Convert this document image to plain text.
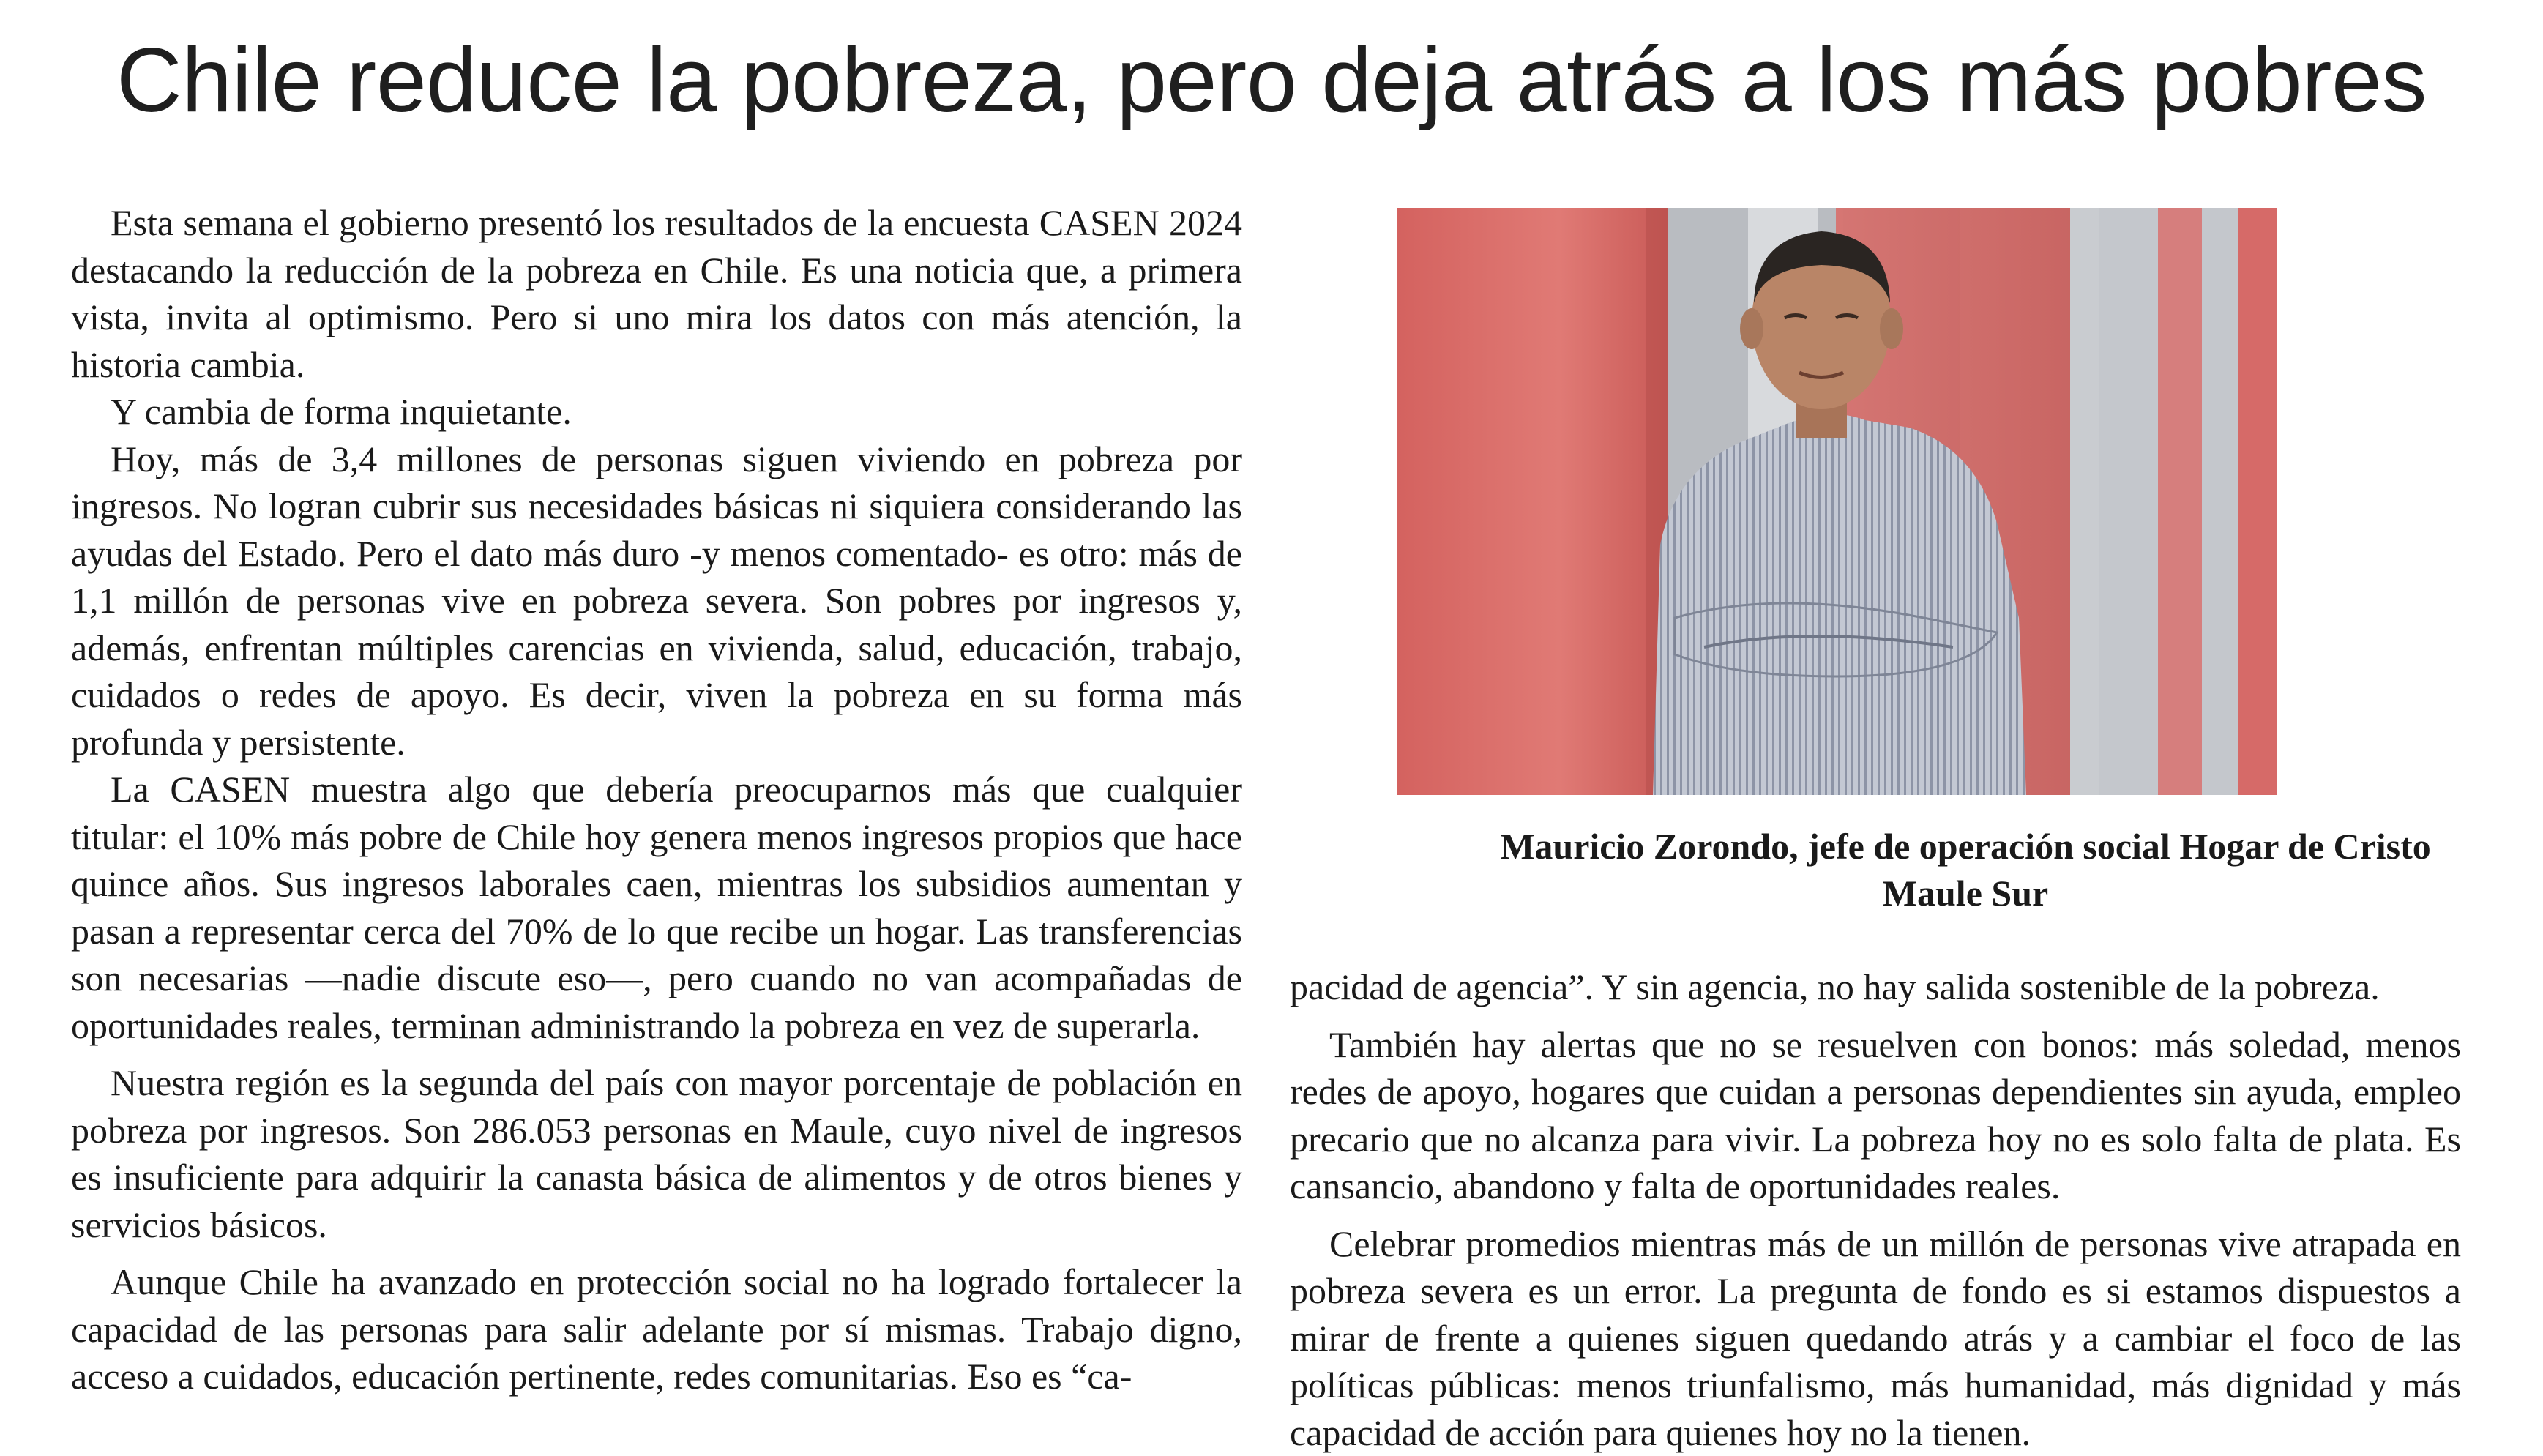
Chile reduce la pobreza, pero deja atrás a los más pobres

Esta semana el gobierno presentó los resultados de la encuesta CASEN 2024 destacando la reducción de la pobreza en Chile. Es una noticia que, a primera vista, invita al optimismo. Pero si uno mira los datos con más atención, la historia cambia.

Y cambia de forma inquietante.

Hoy, más de 3,4 millones de personas siguen viviendo en pobreza por ingresos. No logran cubrir sus necesidades básicas ni siquiera considerando las ayudas del Estado. Pero el dato más duro -y menos comentado- es otro: más de 1,1 millón de personas vive en pobreza severa. Son pobres por ingresos y, además, enfrentan múltiples carencias en vivienda, salud, educación, trabajo, cuidados o redes de apoyo. Es decir, viven la pobreza en su forma más profunda y persistente.

La CASEN muestra algo que debería preocuparnos más que cualquier titular: el 10% más pobre de Chile hoy genera menos ingresos propios que hace quince años. Sus ingresos laborales caen, mientras los subsidios aumentan y pasan a representar cerca del 70% de lo que recibe un hogar. Las transferencias son necesarias —nadie discute eso—, pero cuando no van acompañadas de oportunidades reales, terminan administrando la pobreza en vez de superarla.

Nuestra región es la segunda del país con mayor porcentaje de población en pobreza por ingresos. Son 286.053 personas en Maule, cuyo nivel de ingresos es insuficiente para adquirir la canasta básica de alimentos y de otros bienes y servicios básicos.

Aunque Chile ha avanzado en protección social no ha logrado fortalecer la capacidad de las personas para salir adelante por sí mismas. Trabajo digno, acceso a cuidados, educación pertinente, redes comunitarias. Eso es “ca-

Mauricio Zorondo, jefe de operación social Hogar de Cristo
Maule Sur

pacidad de agencia”. Y sin agencia, no hay salida sostenible de la pobreza.

También hay alertas que no se resuelven con bonos: más soledad, menos redes de apoyo, hogares que cuidan a personas dependientes sin ayuda, empleo precario que no alcanza para vivir. La pobreza hoy no es solo falta de plata. Es cansancio, abandono y falta de oportunidades reales.

Celebrar promedios mientras más de un millón de personas vive atrapada en pobreza severa es un error. La pregunta de fondo es si estamos dispuestos a mirar de frente a quienes siguen quedando atrás y a cambiar el foco de las políticas públicas: menos triunfalismo, más humanidad, más dignidad y más capacidad de acción para quienes hoy no la tienen.
